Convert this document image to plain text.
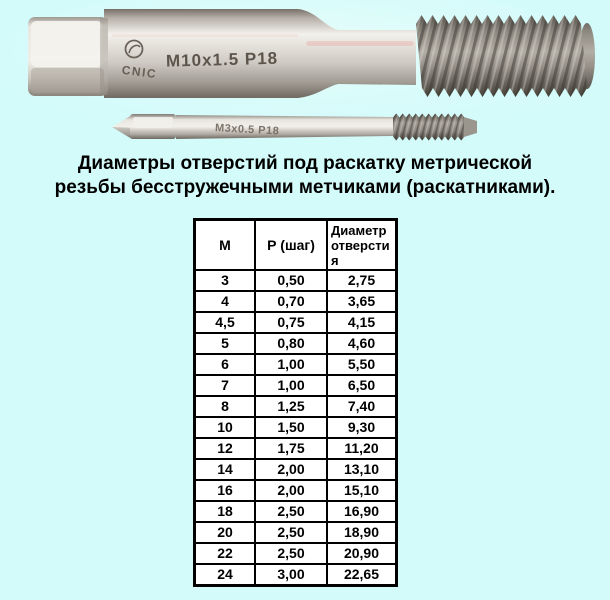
CNIC
M10x1.5 P18
M3x0.5 P18
Диаметры отверстий под раскатку метрической
резьбы бесстружечными метчиками (раскатниками).
М	Р (шаг)	Диаметр отверстия
3	0,50	2,75
4	0,70	3,65
4,5	0,75	4,15
5	0,80	4,60
6	1,00	5,50
7	1,00	6,50
8	1,25	7,40
10	1,50	9,30
12	1,75	11,20
14	2,00	13,10
16	2,00	15,10
18	2,50	16,90
20	2,50	18,90
22	2,50	20,90
24	3,00	22,65
